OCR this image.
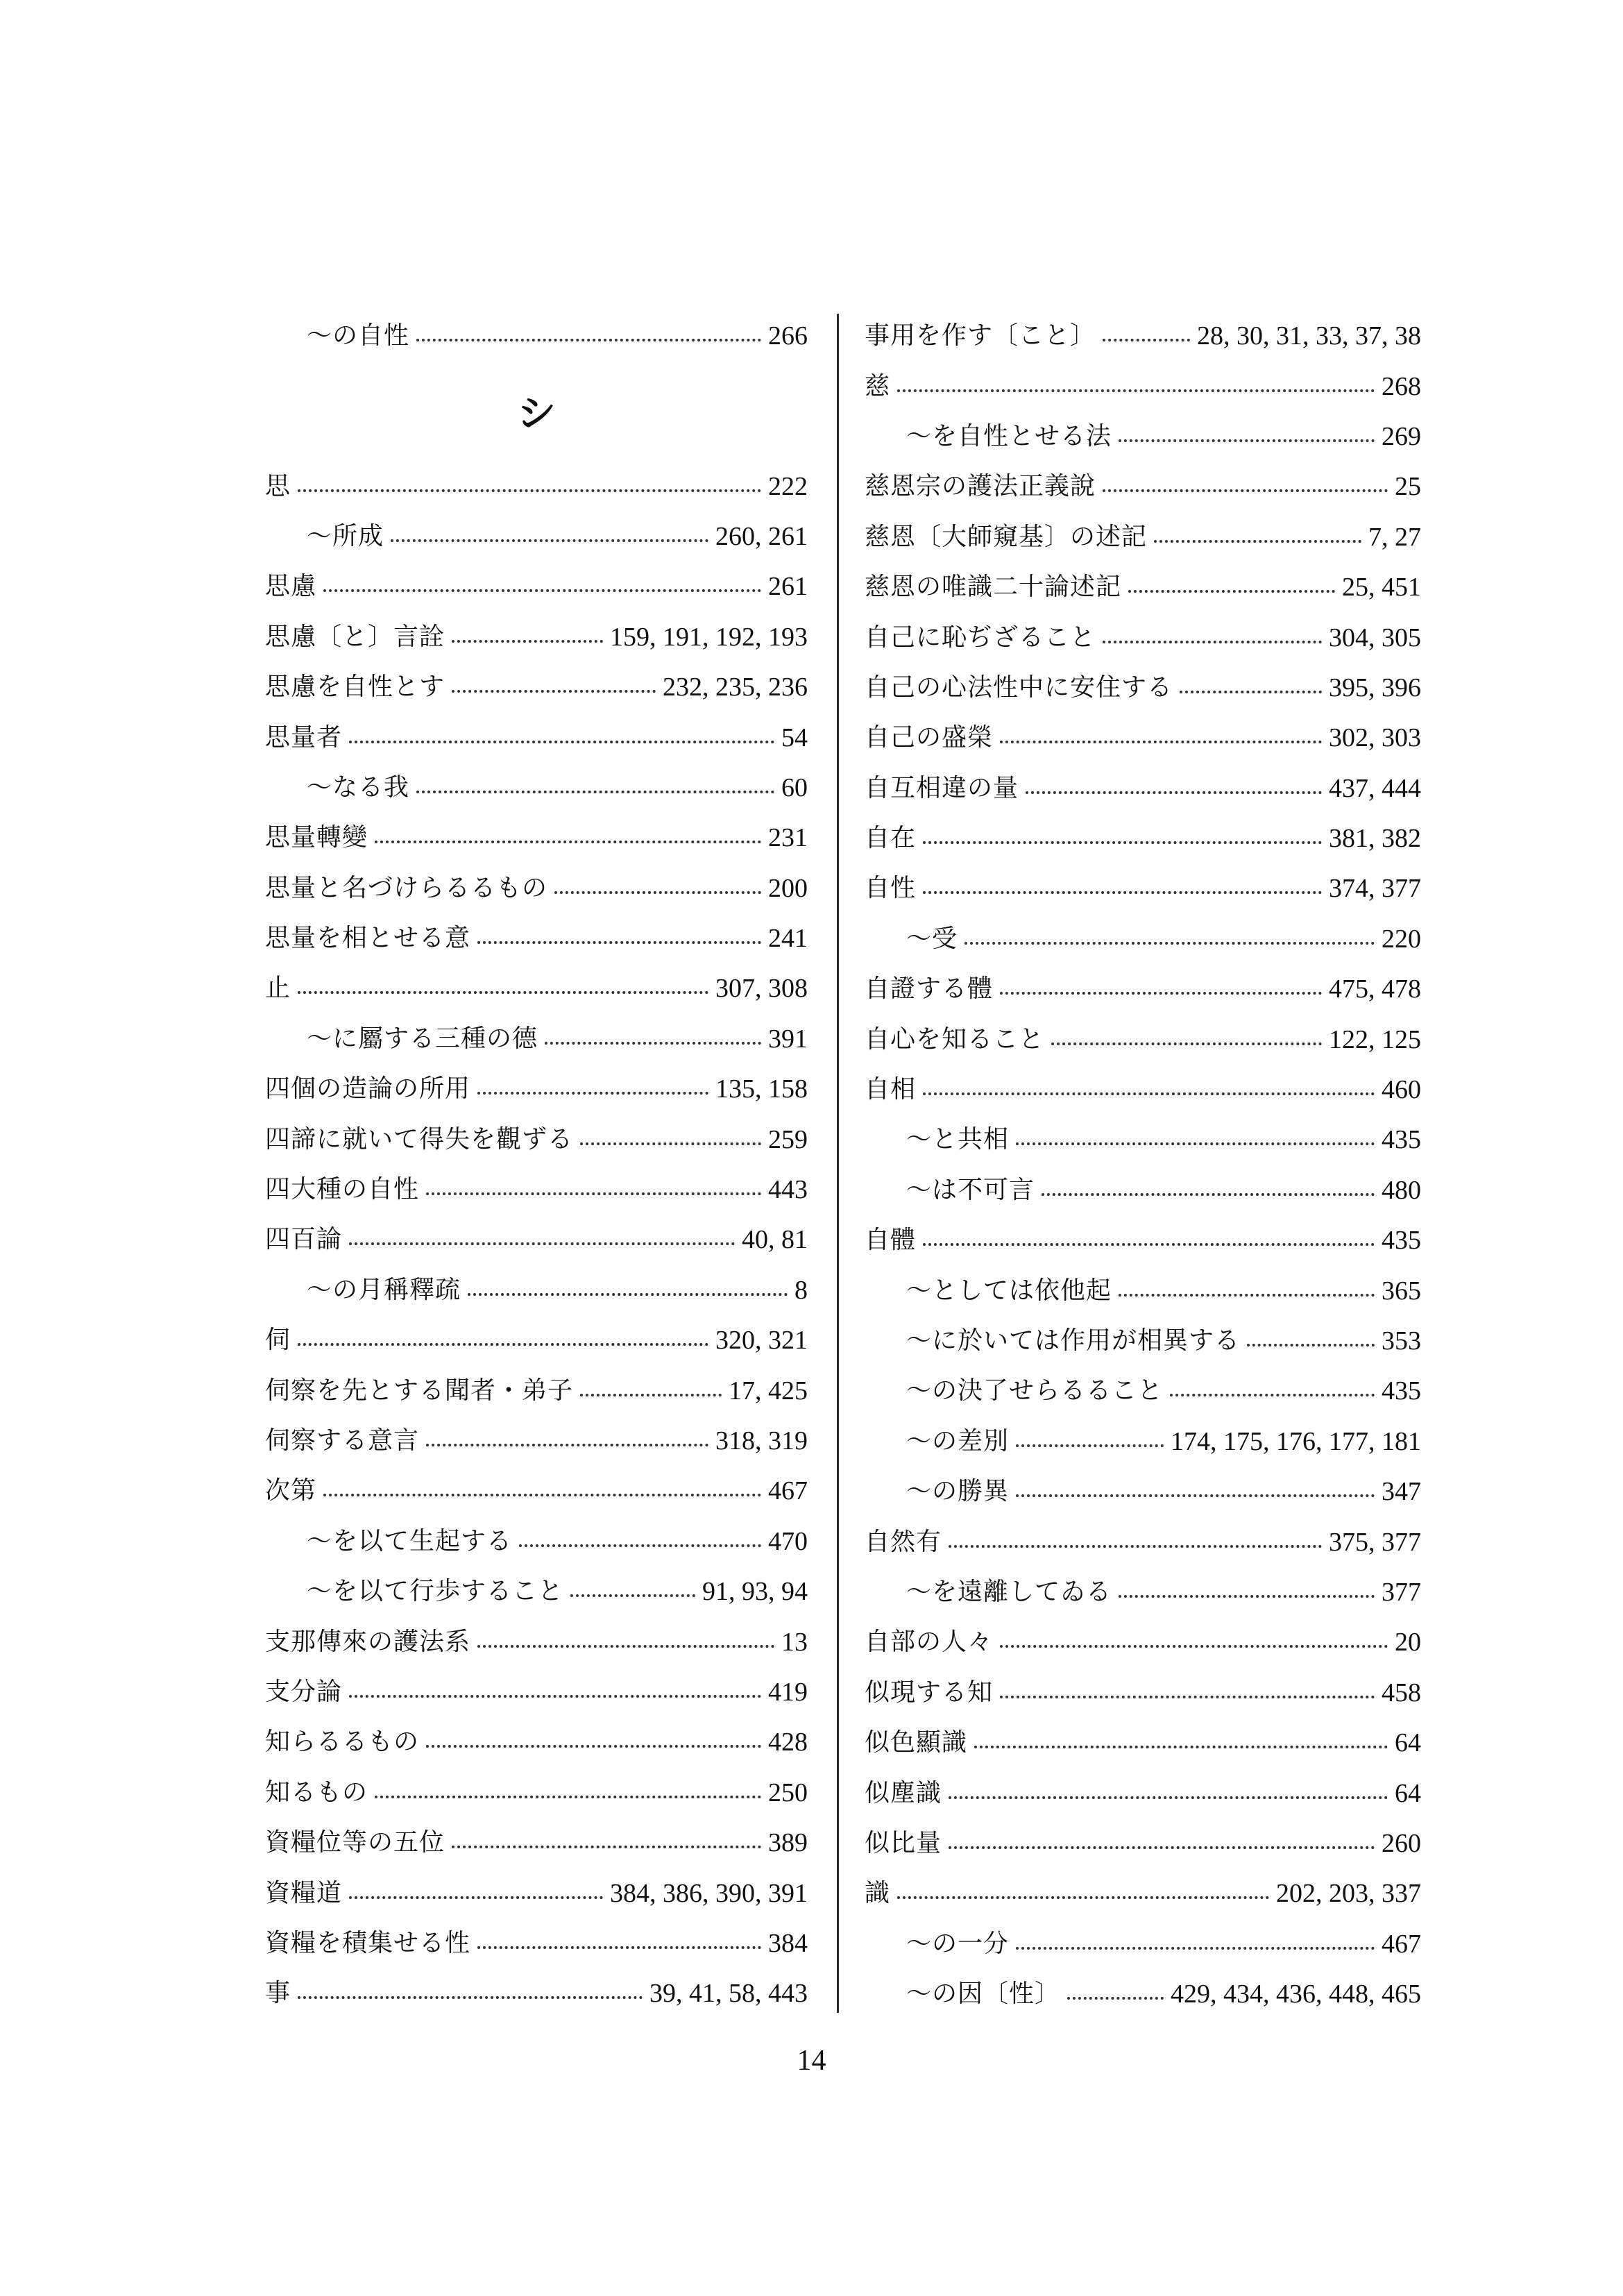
〜の自性	266
シ
思	222
〜所成	260, 261
思慮	261
思慮〔と〕言詮	159, 191, 192, 193
思慮を自性とす	232, 235, 236
思量者	54
〜なる我	60
思量轉變	231
思量と名づけらるるもの	200
思量を相とせる意	241
止	307, 308
〜に屬する三種の德	391
四個の造論の所用	135, 158
四諦に就いて得失を觀ずる	259
四大種の自性	443
四百論	40, 81
〜の月稱釋疏	8
伺	320, 321
伺察を先とする聞者・弟子	17, 425
伺察する意言	318, 319
次第	467
〜を以て生起する	470
〜を以て行歩すること	91, 93, 94
支那傳來の護法系	13
支分論	419
知らるるもの	428
知るもの	250
資糧位等の五位	389
資糧道	384, 386, 390, 391
資糧を積集せる性	384
事	39, 41, 58, 443
事用を作す〔こと〕	28, 30, 31, 33, 37, 38
慈	268
〜を自性とせる法	269
慈恩宗の護法正義說	25
慈恩〔大師窺基〕の述記	7, 27
慈恩の唯識二十論述記	25, 451
自己に恥ぢざること	304, 305
自己の心法性中に安住する	395, 396
自己の盛榮	302, 303
自互相違の量	437, 444
自在	381, 382
自性	374, 377
〜受	220
自證する體	475, 478
自心を知ること	122, 125
自相	460
〜と共相	435
〜は不可言	480
自體	435
〜としては依他起	365
〜に於いては作用が相異する	353
〜の決了せらるること	435
〜の差別	174, 175, 176, 177, 181
〜の勝異	347
自然有	375, 377
〜を遠離してゐる	377
自部の人々	20
似現する知	458
似色顯識	64
似塵識	64
似比量	260
識	202, 203, 337
〜の一分	467
〜の因〔性〕	429, 434, 436, 448, 465
14
